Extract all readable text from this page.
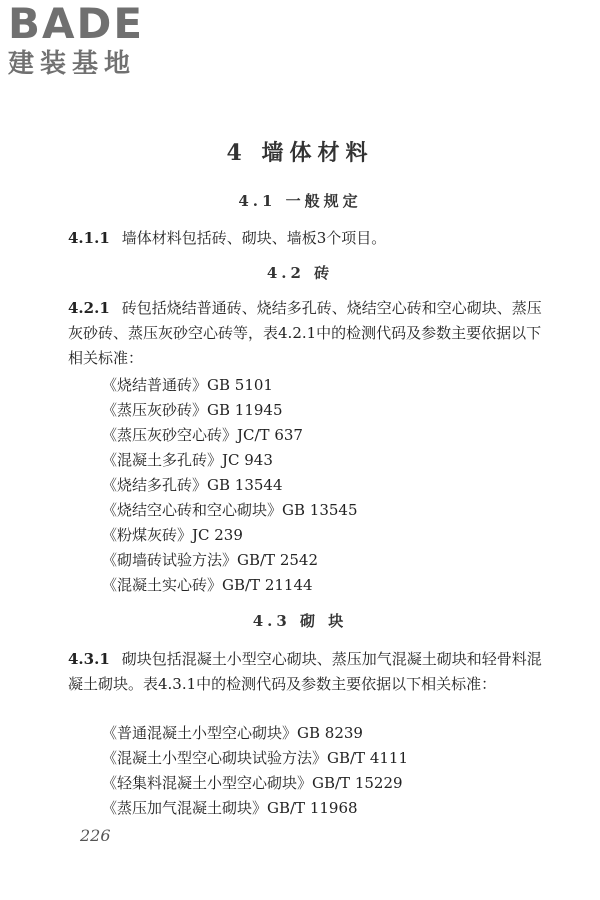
BADE
建装基地
4 墙体材料
4.1 一般规定
4.1.1 墙体材料包括砖、砌块、墙板3个项目。
4.2 砖
4.2.1 砖包括烧结普通砖、烧结多孔砖、烧结空心砖和空心砌块、蒸压灰砂砖、蒸压灰砂空心砖等，表4.2.1中的检测代码及参数主要依据以下相关标准：
《烧结普通砖》GB 5101
《蒸压灰砂砖》GB 11945
《蒸压灰砂空心砖》JC/T 637
《混凝土多孔砖》JC 943
《烧结多孔砖》GB 13544
《烧结空心砖和空心砌块》GB 13545
《粉煤灰砖》JC 239
《砌墙砖试验方法》GB/T 2542
《混凝土实心砖》GB/T 21144
4.3 砌 块
4.3.1 砌块包括混凝土小型空心砌块、蒸压加气混凝土砌块和轻骨料混凝土砌块。表4.3.1中的检测代码及参数主要依据以下相关标准：
《普通混凝土小型空心砌块》GB 8239
《混凝土小型空心砌块试验方法》GB/T 4111
《轻集料混凝土小型空心砌块》GB/T 15229
《蒸压加气混凝土砌块》GB/T 11968
226
